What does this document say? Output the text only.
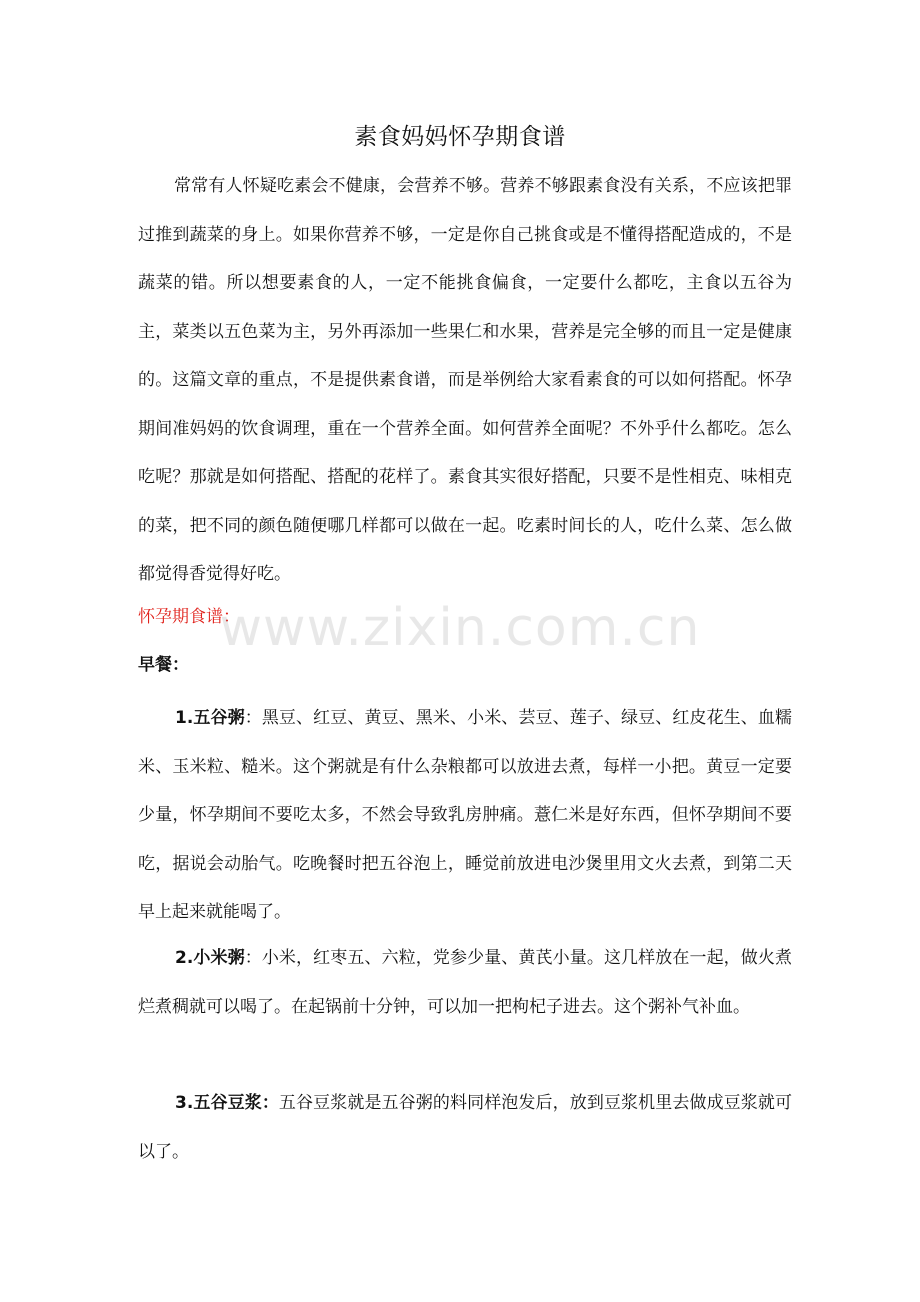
素食妈妈怀孕期食谱
常常有人怀疑吃素会不健康，会营养不够。营养不够跟素食没有关系，不应该把罪过推到蔬菜的身上。如果你营养不够，一定是你自己挑食或是不懂得搭配造成的，不是蔬菜的错。所以想要素食的人，一定不能挑食偏食，一定要什么都吃，主食以五谷为主，菜类以五色菜为主，另外再添加一些果仁和水果，营养是完全够的而且一定是健康的。这篇文章的重点，不是提供素食谱，而是举例给大家看素食的可以如何搭配。怀孕期间准妈妈的饮食调理，重在一个营养全面。如何营养全面呢？不外乎什么都吃。怎么吃呢？那就是如何搭配、搭配的花样了。素食其实很好搭配，只要不是性相克、味相克的菜，把不同的颜色随便哪几样都可以做在一起。吃素时间长的人，吃什么菜、怎么做都觉得香觉得好吃。
怀孕期食谱：
早餐：
1.五谷粥：黑豆、红豆、黄豆、黑米、小米、芸豆、莲子、绿豆、红皮花生、血糯米、玉米粒、糙米。这个粥就是有什么杂粮都可以放进去煮，每样一小把。黄豆一定要少量，怀孕期间不要吃太多，不然会导致乳房肿痛。薏仁米是好东西，但怀孕期间不要吃，据说会动胎气。吃晚餐时把五谷泡上，睡觉前放进电沙煲里用文火去煮，到第二天早上起来就能喝了。
2.小米粥：小米，红枣五、六粒，党参少量、黄芪小量。这几样放在一起，做火煮烂煮稠就可以喝了。在起锅前十分钟，可以加一把枸杞子进去。这个粥补气补血。
3.五谷豆浆：五谷豆浆就是五谷粥的料同样泡发后，放到豆浆机里去做成豆浆就可以了。
www.zixin.com.cn
